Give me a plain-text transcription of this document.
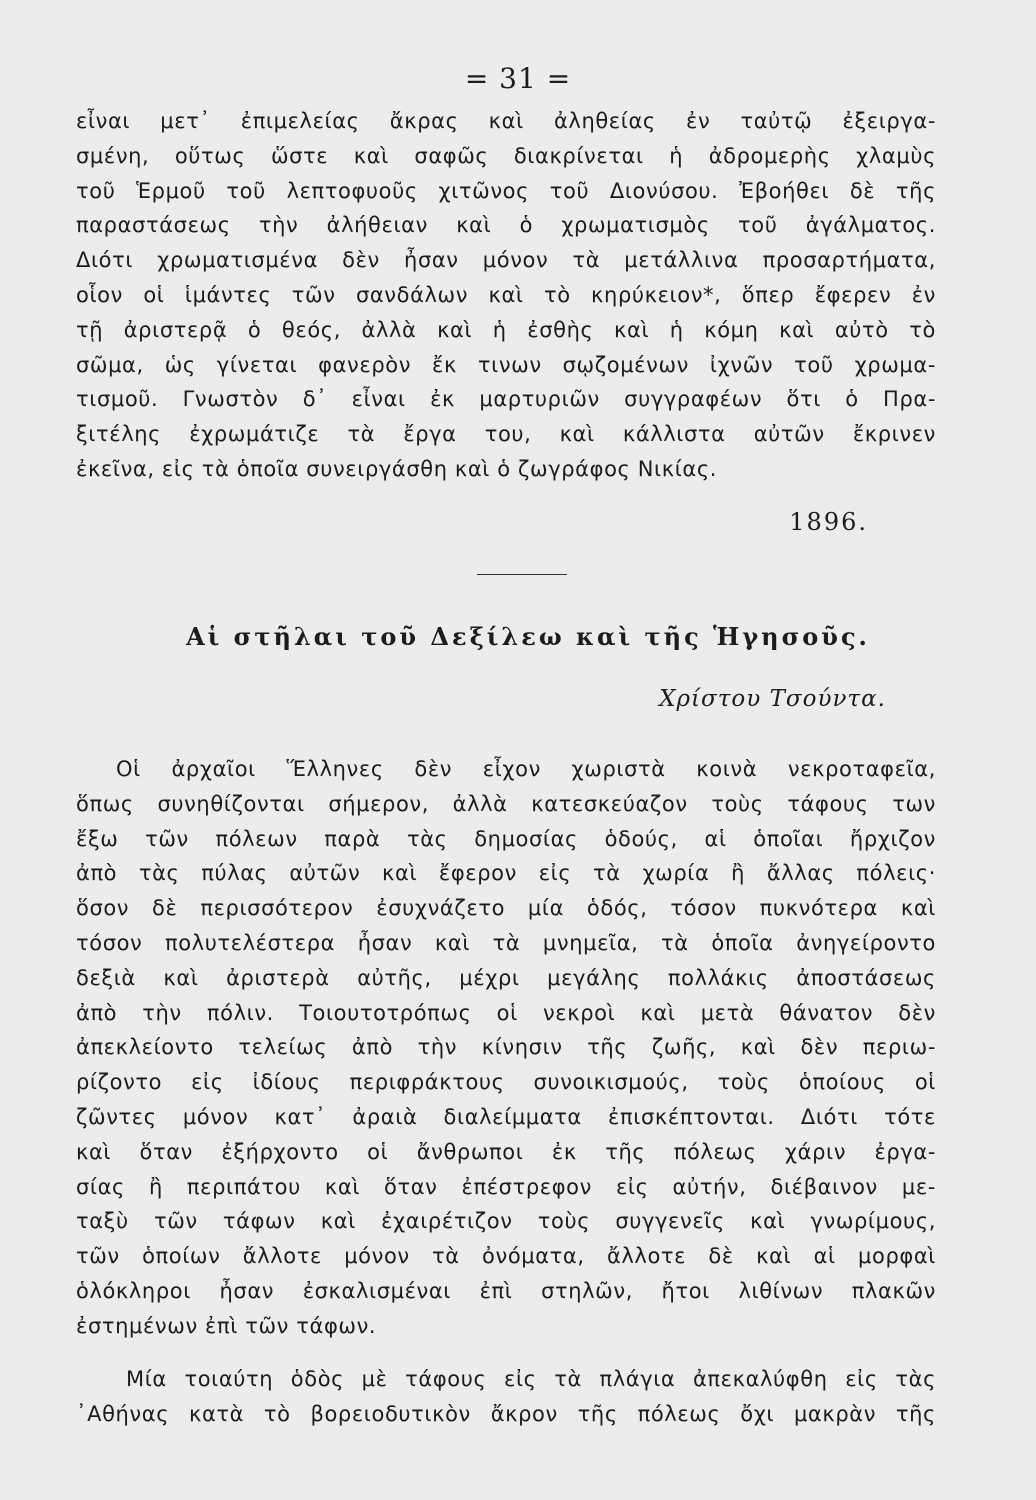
= 31 =
εἶναι μετ᾽ ἐπιμελείας ἄκρας καὶ ἀληθείας ἐν ταὐτῷ ἐξειργα-
σμένη, οὕτως ὥστε καὶ σαφῶς διακρίνεται ἡ ἀδρομερὴς χλαμὺς
τοῦ Ἑρμοῦ τοῦ λεπτοφυοῦς χιτῶνος τοῦ Διονύσου. Ἐβοήθει δὲ τῆς
παραστάσεως τὴν ἀλήθειαν καὶ ὁ χρωματισμὸς τοῦ ἀγάλματος.
Διότι χρωματισμένα δὲν ἦσαν μόνον τὰ μετάλλινα προσαρτήματα,
οἷον οἱ ἱμάντες τῶν σανδάλων καὶ τὸ κηρύκειον*, ὅπερ ἔφερεν ἐν
τῇ ἀριστερᾷ ὁ θεός, ἀλλὰ καὶ ἡ ἐσθὴς καὶ ἡ κόμη καὶ αὐτὸ τὸ
σῶμα, ὡς γίνεται φανερὸν ἔκ τινων σῳζομένων ἰχνῶν τοῦ χρωμα-
τισμοῦ. Γνωστὸν δ᾽ εἶναι ἐκ μαρτυριῶν συγγραφέων ὅτι ὁ Πρα-
ξιτέλης ἐχρωμάτιζε τὰ ἔργα του, καὶ κάλλιστα αὐτῶν ἔκρινεν
ἐκεῖνα, εἰς τὰ ὁποῖα συνειργάσθη καὶ ὁ ζωγράφος Νικίας.
1896.
Αἱ στῆλαι τοῦ Δεξίλεω καὶ τῆς Ἡγησοῦς.
Χρίστου Τσούντα.
Οἱ ἀρχαῖοι Ἕλληνες δὲν εἶχον χωριστὰ κοινὰ νεκροταφεῖα,
ὅπως συνηθίζονται σήμερον, ἀλλὰ κατεσκεύαζον τοὺς τάφους των
ἔξω τῶν πόλεων παρὰ τὰς δημοσίας ὁδούς, αἱ ὁποῖαι ἤρχιζον
ἀπὸ τὰς πύλας αὐτῶν καὶ ἔφερον εἰς τὰ χωρία ἢ ἄλλας πόλεις·
ὅσον δὲ περισσότερον ἐσυχνάζετο μία ὁδός, τόσον πυκνότερα καὶ
τόσον πολυτελέστερα ἦσαν καὶ τὰ μνημεῖα, τὰ ὁποῖα ἀνηγείροντο
δεξιὰ καὶ ἀριστερὰ αὐτῆς, μέχρι μεγάλης πολλάκις ἀποστάσεως
ἀπὸ τὴν πόλιν. Τοιουτοτρόπως οἱ νεκροὶ καὶ μετὰ θάνατον δὲν
ἀπεκλείοντο τελείως ἀπὸ τὴν κίνησιν τῆς ζωῆς, καὶ δὲν περιω-
ρίζοντο εἰς ἰδίους περιφράκτους συνοικισμούς, τοὺς ὁποίους οἱ
ζῶντες μόνον κατ᾽ ἀραιὰ διαλείμματα ἐπισκέπτονται. Διότι τότε
καὶ ὅταν ἐξήρχοντο οἱ ἄνθρωποι ἐκ τῆς πόλεως χάριν ἐργα-
σίας ἢ περιπάτου καὶ ὅταν ἐπέστρεφον εἰς αὐτήν, διέβαινον με-
ταξὺ τῶν τάφων καὶ ἐχαιρέτιζον τοὺς συγγενεῖς καὶ γνωρίμους,
τῶν ὁποίων ἄλλοτε μόνον τὰ ὀνόματα, ἄλλοτε δὲ καὶ αἱ μορφαὶ
ὁλόκληροι ἦσαν ἐσκαλισμέναι ἐπὶ στηλῶν, ἤτοι λιθίνων πλακῶν
ἐστημένων ἐπὶ τῶν τάφων.
Μία τοιαύτη ὁδὸς μὲ τάφους εἰς τὰ πλάγια ἀπεκαλύφθη εἰς τὰς
᾽Αθήνας κατὰ τὸ βορειοδυτικὸν ἄκρον τῆς πόλεως ὄχι μακρὰν τῆς
